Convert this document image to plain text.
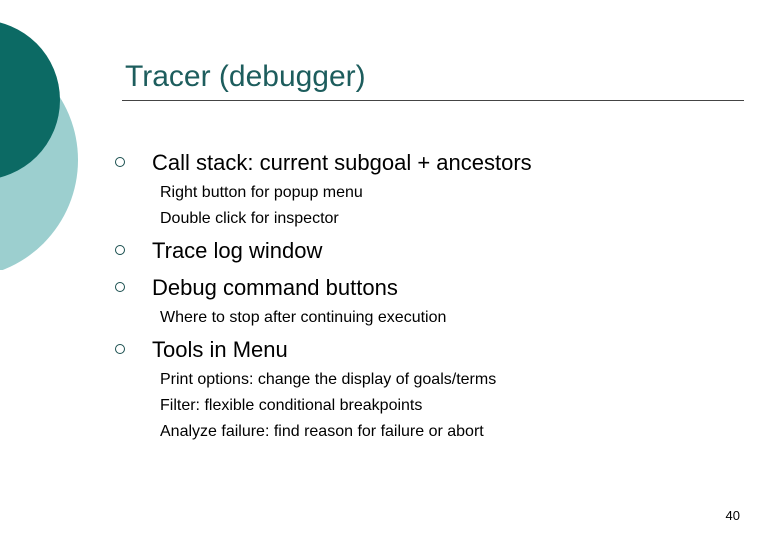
Tracer (debugger)
Call stack: current subgoal + ancestors
Right button for popup menu
Double click for inspector
Trace log window
Debug command buttons
Where to stop after continuing execution
Tools in Menu
Print options: change the display of goals/terms
Filter: flexible conditional breakpoints
Analyze failure: find reason for failure or abort
40
